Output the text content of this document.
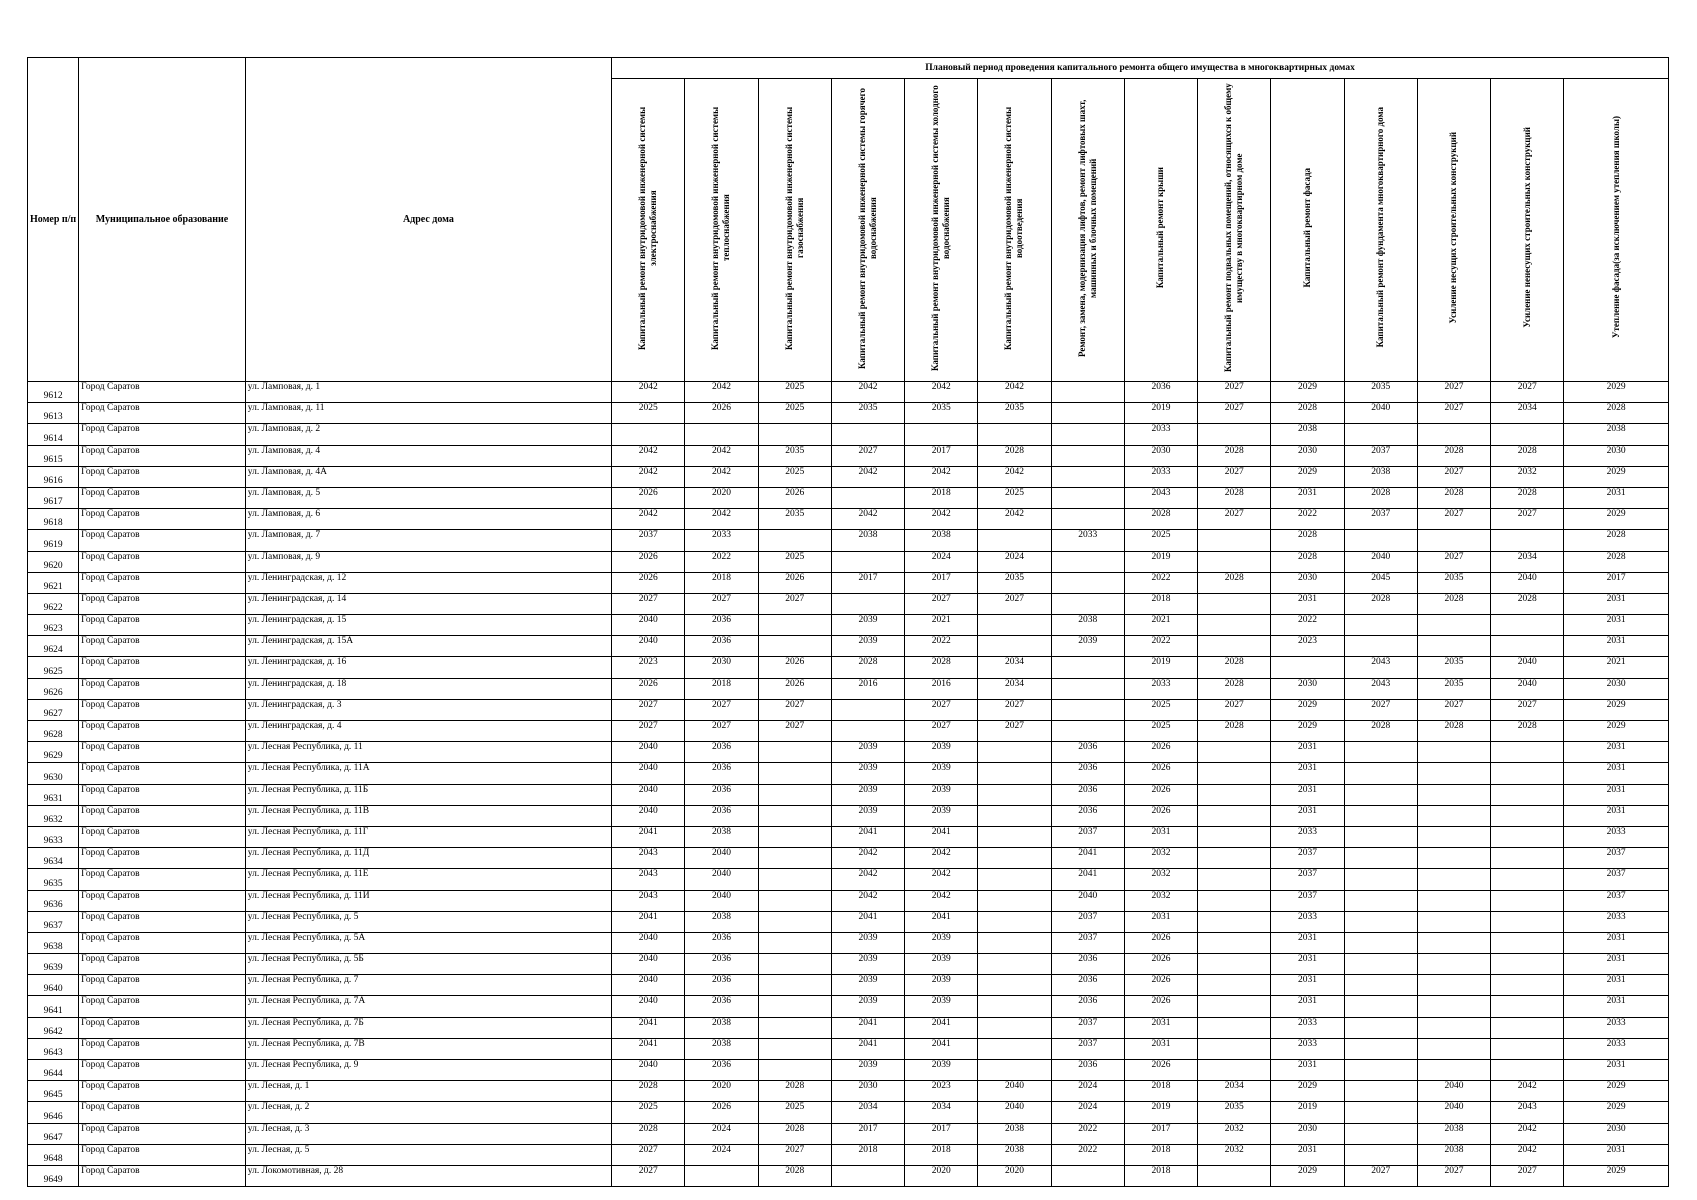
Номер п/п	Муниципальное образование	Адрес дома	Плановый период проведения капитального ремонта общего имущества в многоквартирных домах													
			Капитальный ремонт внутридомовой инженерной системы электроснабжения	Капитальный ремонт внутридомовой инженерной системы теплоснабжения	Капитальный ремонт внутридомовой инженерной системы газоснабжения	Капитальный ремонт внутридомовой инженерной системы горячего водоснабжения	Капитальный ремонт внутридомовой инженерной системы холодного водоснабжения	Капитальный ремонт внутридомовой инженерной системы водоотведения	Ремонт, замена, модернизация лифтов, ремонт лифтовых шахт, машинных и блочных помещений	Капитальный ремонт крыши	Капитальный ремонт подвальных помещений, относящихся к общему имуществу в многоквартирном доме	Капитальный ремонт фасада	Капитальный ремонт фундамента многоквартирного дома	Усиление несущих строительных конструкций	Усиление ненесущих строительных конструкций	Утепление фасада(за исключением утепления школы)
9612	Город Саратов	ул. Ламповая, д. 1	2042	2042	2025	2042	2042	2042		2036	2027	2029	2035	2027	2027	2029
9613	Город Саратов	ул. Ламповая, д. 11	2025	2026	2025	2035	2035	2035		2019	2027	2028	2040	2027	2034	2028
9614	Город Саратов	ул. Ламповая, д. 2								2033		2038				2038
9615	Город Саратов	ул. Ламповая, д. 4	2042	2042	2035	2027	2017	2028		2030	2028	2030	2037	2028	2028	2030
9616	Город Саратов	ул. Ламповая, д. 4А	2042	2042	2025	2042	2042	2042		2033	2027	2029	2038	2027	2032	2029
9617	Город Саратов	ул. Ламповая, д. 5	2026	2020	2026		2018	2025		2043	2028	2031	2028	2028	2028	2031
9618	Город Саратов	ул. Ламповая, д. 6	2042	2042	2035	2042	2042	2042		2028	2027	2022	2037	2027	2027	2029
9619	Город Саратов	ул. Ламповая, д. 7	2037	2033		2038	2038		2033	2025		2028				2028
9620	Город Саратов	ул. Ламповая, д. 9	2026	2022	2025		2024	2024		2019		2028	2040	2027	2034	2028
9621	Город Саратов	ул. Ленинградская, д. 12	2026	2018	2026	2017	2017	2035		2022	2028	2030	2045	2035	2040	2017
9622	Город Саратов	ул. Ленинградская, д. 14	2027	2027	2027		2027	2027		2018		2031	2028	2028	2028	2031
9623	Город Саратов	ул. Ленинградская, д. 15	2040	2036		2039	2021		2038	2021		2022				2031
9624	Город Саратов	ул. Ленинградская, д. 15А	2040	2036		2039	2022		2039	2022		2023				2031
9625	Город Саратов	ул. Ленинградская, д. 16	2023	2030	2026	2028	2028	2034		2019	2028		2043	2035	2040	2021
9626	Город Саратов	ул. Ленинградская, д. 18	2026	2018	2026	2016	2016	2034		2033	2028	2030	2043	2035	2040	2030
9627	Город Саратов	ул. Ленинградская, д. 3	2027	2027	2027		2027	2027		2025	2027	2029	2027	2027	2027	2029
9628	Город Саратов	ул. Ленинградская, д. 4	2027	2027	2027		2027	2027		2025	2028	2029	2028	2028	2028	2029
9629	Город Саратов	ул. Лесная Республика, д. 11	2040	2036		2039	2039		2036	2026		2031				2031
9630	Город Саратов	ул. Лесная Республика, д. 11А	2040	2036		2039	2039		2036	2026		2031				2031
9631	Город Саратов	ул. Лесная Республика, д. 11Б	2040	2036		2039	2039		2036	2026		2031				2031
9632	Город Саратов	ул. Лесная Республика, д. 11В	2040	2036		2039	2039		2036	2026		2031				2031
9633	Город Саратов	ул. Лесная Республика, д. 11Г	2041	2038		2041	2041		2037	2031		2033				2033
9634	Город Саратов	ул. Лесная Республика, д. 11Д	2043	2040		2042	2042		2041	2032		2037				2037
9635	Город Саратов	ул. Лесная Республика, д. 11Е	2043	2040		2042	2042		2041	2032		2037				2037
9636	Город Саратов	ул. Лесная Республика, д. 11И	2043	2040		2042	2042		2040	2032		2037				2037
9637	Город Саратов	ул. Лесная Республика, д. 5	2041	2038		2041	2041		2037	2031		2033				2033
9638	Город Саратов	ул. Лесная Республика, д. 5А	2040	2036		2039	2039		2037	2026		2031				2031
9639	Город Саратов	ул. Лесная Республика, д. 5Б	2040	2036		2039	2039		2036	2026		2031				2031
9640	Город Саратов	ул. Лесная Республика, д. 7	2040	2036		2039	2039		2036	2026		2031				2031
9641	Город Саратов	ул. Лесная Республика, д. 7А	2040	2036		2039	2039		2036	2026		2031				2031
9642	Город Саратов	ул. Лесная Республика, д. 7Б	2041	2038		2041	2041		2037	2031		2033				2033
9643	Город Саратов	ул. Лесная Республика, д. 7В	2041	2038		2041	2041		2037	2031		2033				2033
9644	Город Саратов	ул. Лесная Республика, д. 9	2040	2036		2039	2039		2036	2026		2031				2031
9645	Город Саратов	ул. Лесная, д. 1	2028	2020	2028	2030	2023	2040	2024	2018	2034	2029		2040	2042	2029
9646	Город Саратов	ул. Лесная, д. 2	2025	2026	2025	2034	2034	2040	2024	2019	2035	2019		2040	2043	2029
9647	Город Саратов	ул. Лесная, д. 3	2028	2024	2028	2017	2017	2038	2022	2017	2032	2030		2038	2042	2030
9648	Город Саратов	ул. Лесная, д. 5	2027	2024	2027	2018	2018	2038	2022	2018	2032	2031		2038	2042	2031
9649	Город Саратов	ул. Локомотивная, д. 28	2027		2028		2020	2020		2018		2029	2027	2027	2027	2029
